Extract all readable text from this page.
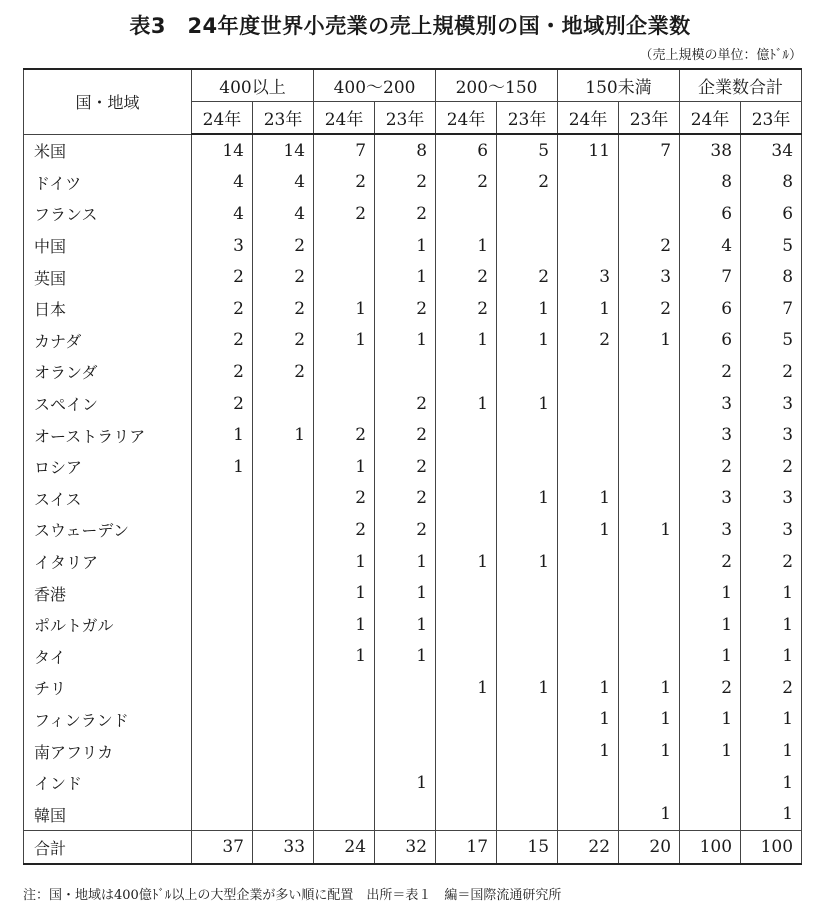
表3　24年度世界小売業の売上規模別の国・地域別企業数
（売上規模の単位：億ﾄﾞﾙ）
国・地域	400以上		400～200		200～150		150未満		企業数合計	
	24年	23年	24年	23年	24年	23年	24年	23年	24年	23年
米国	14	14	7	8	6	5	11	7	38	34
ドイツ	4	4	2	2	2	2			8	8
フランス	4	4	2	2					6	6
中国	3	2		1	1			2	4	5
英国	2	2		1	2	2	3	3	7	8
日本	2	2	1	2	2	1	1	2	6	7
カナダ	2	2	1	1	1	1	2	1	6	5
オランダ	2	2							2	2
スペイン	2			2	1	1			3	3
オーストラリア	1	1	2	2					3	3
ロシア	1		1	2					2	2
スイス			2	2		1	1		3	3
スウェーデン			2	2			1	1	3	3
イタリア			1	1	1	1			2	2
香港			1	1					1	1
ポルトガル			1	1					1	1
タイ			1	1					1	1
チリ					1	1	1	1	2	2
フィンランド							1	1	1	1
南アフリカ							1	1	1	1
インド				1						1
韓国								1		1
合計	37	33	24	32	17	15	22	20	100	100
注：国・地域は400億ﾄﾞﾙ以上の大型企業が多い順に配置　出所＝表１　編＝国際流通研究所
